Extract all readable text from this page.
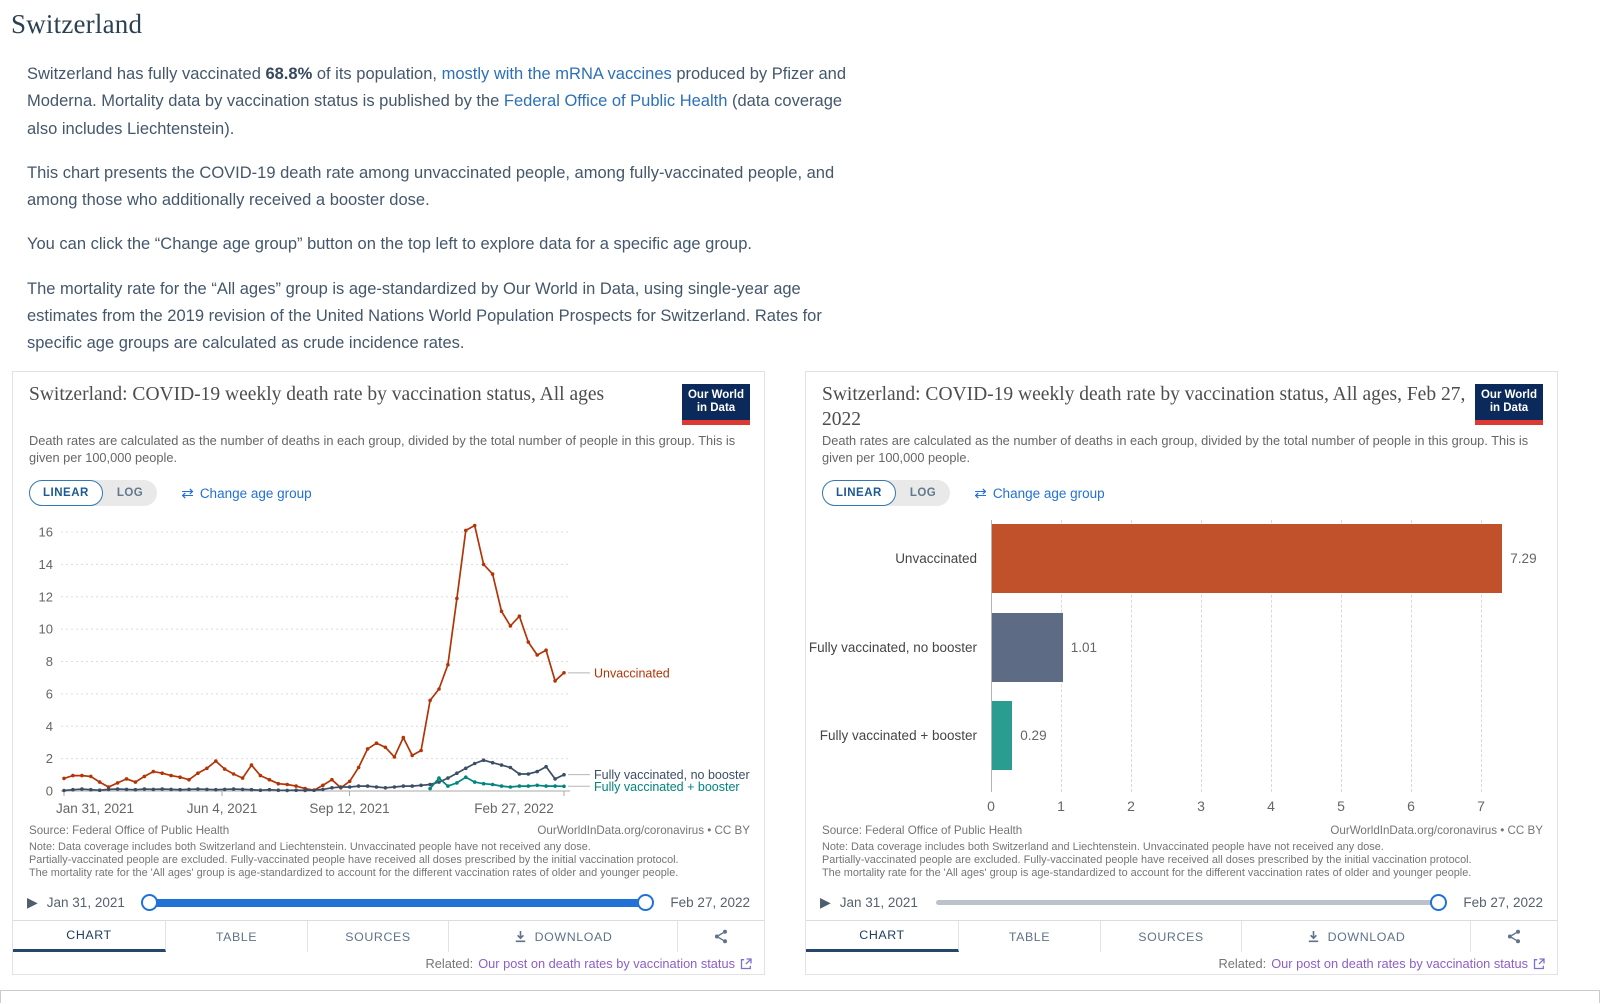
Switzerland

Switzerland has fully vaccinated 68.8% of its population, mostly with the mRNA vaccines produced by Pfizer and Moderna. Mortality data by vaccination status is published by the Federal Office of Public Health (data coverage also includes Liechtenstein).

This chart presents the COVID-19 death rate among unvaccinated people, among fully-vaccinated people, and among those who additionally received a booster dose.

You can click the “Change age group” button on the top left to explore data for a specific age group.

The mortality rate for the “All ages” group is age-standardized by Our World in Data, using single-year age estimates from the 2019 revision of the United Nations World Population Prospects for Switzerland. Rates for specific age groups are calculated as crude incidence rates.

Switzerland: COVID-19 weekly death rate by vaccination status, All ages	Our World
in Data

Death rates are calculated as the number of deaths in each group, divided by the total number of people in this group. This is given per 100,000 people.

LINEAR	LOG	⇄ Change age group
0
2
4
6
8
10
12
14
16
Jan 31, 2021	Jun 4, 2021	Sep 12, 2021	Feb 27, 2022
Unvaccinated
Fully vaccinated, no booster
Fully vaccinated + booster
Source: Federal Office of Public Health	OurWorldInData.org/coronavirus • CC BY
Note: Data coverage includes both Switzerland and Liechtenstein. Unvaccinated people have not received any dose.
Partially-vaccinated people are excluded. Fully-vaccinated people have received all doses prescribed by the initial vaccination protocol.
The mortality rate for the 'All ages' group is age-standardized to account for the different vaccination rates of older and younger people.
▶ Jan 31, 2021	Feb 27, 2022
CHART	TABLE	SOURCES	DOWNLOAD
Related: Our post on death rates by vaccination status
Switzerland: COVID-19 weekly death rate by vaccination status, All ages, Feb 27, 2022
Our World
in Data

Death rates are calculated as the number of deaths in each group, divided by the total number of people in this group. This is given per 100,000 people.

LINEAR	LOG	⇄ Change age group
Unvaccinated
Fully vaccinated, no booster
Fully vaccinated + booster
7.29
1.01
0.29
0	1	2	3	4	5	6	7
Source: Federal Office of Public Health	OurWorldInData.org/coronavirus • CC BY
Note: Data coverage includes both Switzerland and Liechtenstein. Unvaccinated people have not received any dose.
Partially-vaccinated people are excluded. Fully-vaccinated people have received all doses prescribed by the initial vaccination protocol.
The mortality rate for the 'All ages' group is age-standardized to account for the different vaccination rates of older and younger people.
▶ Jan 31, 2021	Feb 27, 2022
CHART	TABLE	SOURCES	DOWNLOAD
Related: Our post on death rates by vaccination status
